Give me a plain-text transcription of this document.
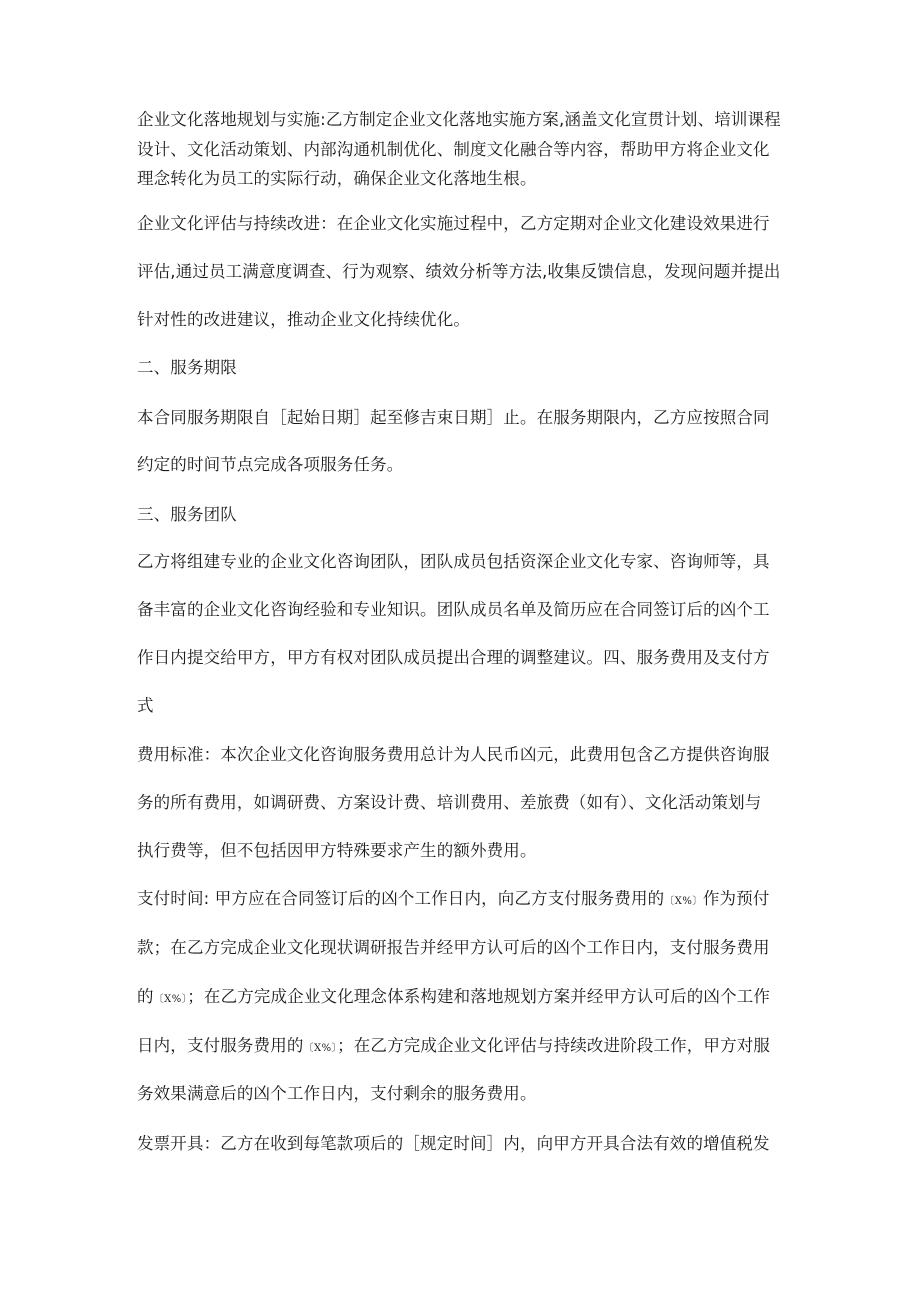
企业文化落地规划与实施:乙方制定企业文化落地实施方案,涵盖文化宣贯计划、培训课程
设计、文化活动策划、内部沟通机制优化、制度文化融合等内容，帮助甲方将企业文化
理念转化为员工的实际行动，确保企业文化落地生根。
企业文化评估与持续改进：在企业文化实施过程中，乙方定期对企业文化建设效果进行
评估,通过员工满意度调查、行为观察、绩效分析等方法,收集反馈信息，发现问题并提出
针对性的改进建议，推动企业文化持续优化。
二、服务期限
本合同服务期限自［起始日期］起至修吉束日期］止。在服务期限内，乙方应按照合同
约定的时间节点完成各项服务任务。
三、服务团队
乙方将组建专业的企业文化咨询团队，团队成员包括资深企业文化专家、咨询师等，具
备丰富的企业文化咨询经验和专业知识。团队成员名单及简历应在合同签订后的凶个工
作日内提交给甲方，甲方有权对团队成员提出合理的调整建议。四、服务费用及支付方
式
费用标准：本次企业文化咨询服务费用总计为人民币凶元，此费用包含乙方提供咨询服
务的所有费用，如调研费、方案设计费、培训费用、差旅费（如有）、文化活动策划与
执行费等，但不包括因甲方特殊要求产生的额外费用。
支付时间: 甲方应在合同签订后的凶个工作日内，向乙方支付服务费用的〔X%〕作为预付
款；在乙方完成企业文化现状调研报告并经甲方认可后的凶个工作日内，支付服务费用
的〔X%〕；在乙方完成企业文化理念体系构建和落地规划方案并经甲方认可后的凶个工作
日内，支付服务费用的〔X%〕；在乙方完成企业文化评估与持续改进阶段工作，甲方对服
务效果满意后的凶个工作日内，支付剩余的服务费用。
发票开具：乙方在收到每笔款项后的［规定时间］内，向甲方开具合法有效的增值税发
